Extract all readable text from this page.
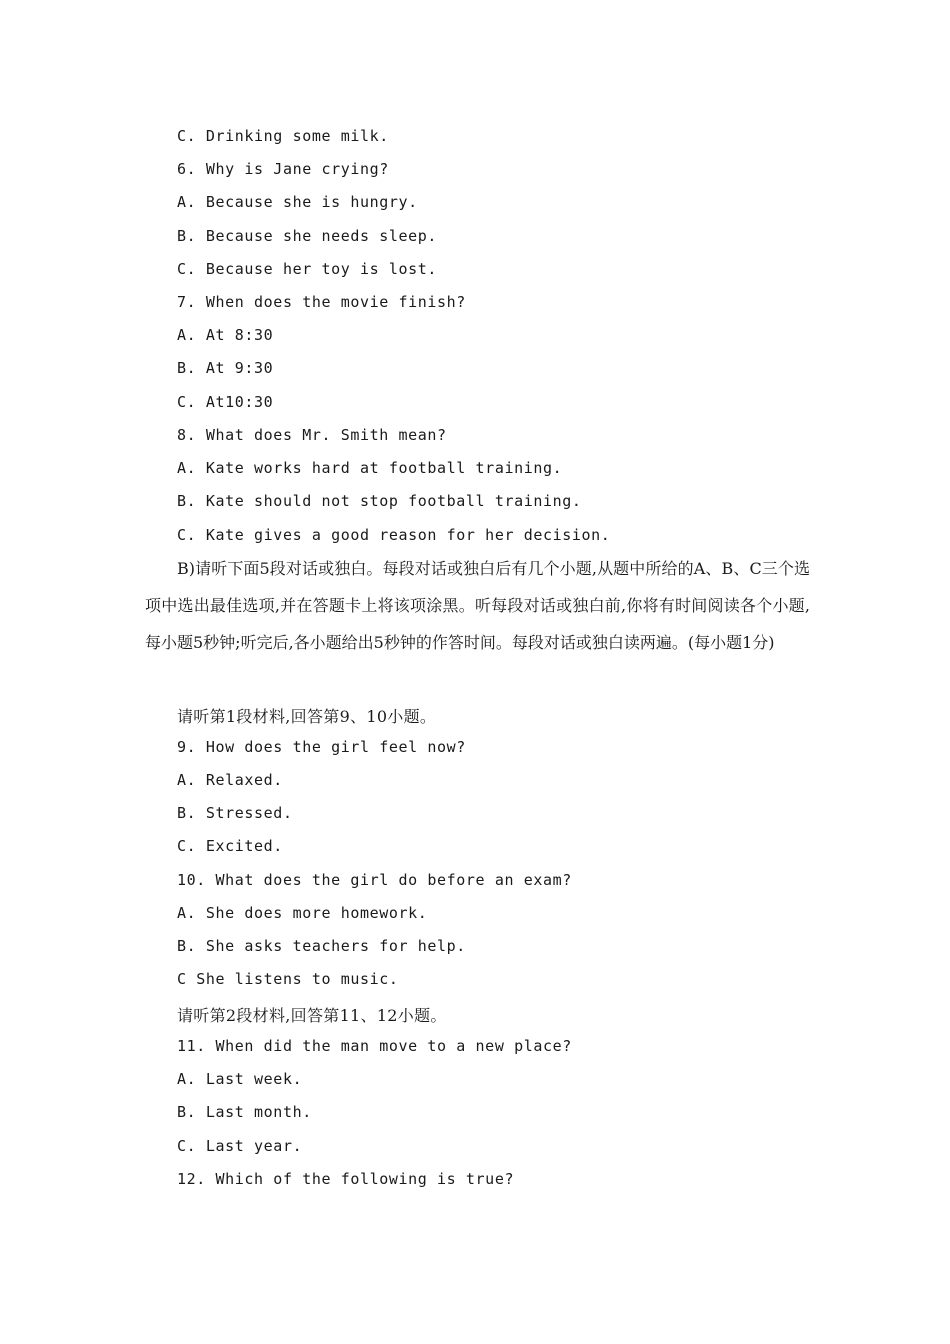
C. Drinking some milk.
6. Why is Jane crying?
A. Because she is hungry.
B. Because she needs sleep.
C. Because her toy is lost.
7. When does the movie finish?
A. At 8:30
B. At 9:30
C. At10:30
8. What does Mr. Smith mean?
A. Kate works hard at football training.
B. Kate should not stop football training.
C. Kate gives a good reason for her decision.
B)请听下面5段对话或独白。每段对话或独白后有几个小题,从题中所给的A、B、C三个选项中选出最佳选项,并在答题卡上将该项涂黑。听每段对话或独白前,你将有时间阅读各个小题,每小题5秒钟;听完后,各小题给出5秒钟的作答时间。每段对话或独白读两遍。(每小题1分)
请听第1段材料,回答第9、10小题。
9. How does the girl feel now?
A. Relaxed.
B. Stressed.
C. Excited.
10. What does the girl do before an exam?
A. She does more homework.
B. She asks teachers for help.
C She listens to music.
请听第2段材料,回答第11、12小题。
11. When did the man move to a new place?
A. Last week.
B. Last month.
C. Last year.
12. Which of the following is true?
